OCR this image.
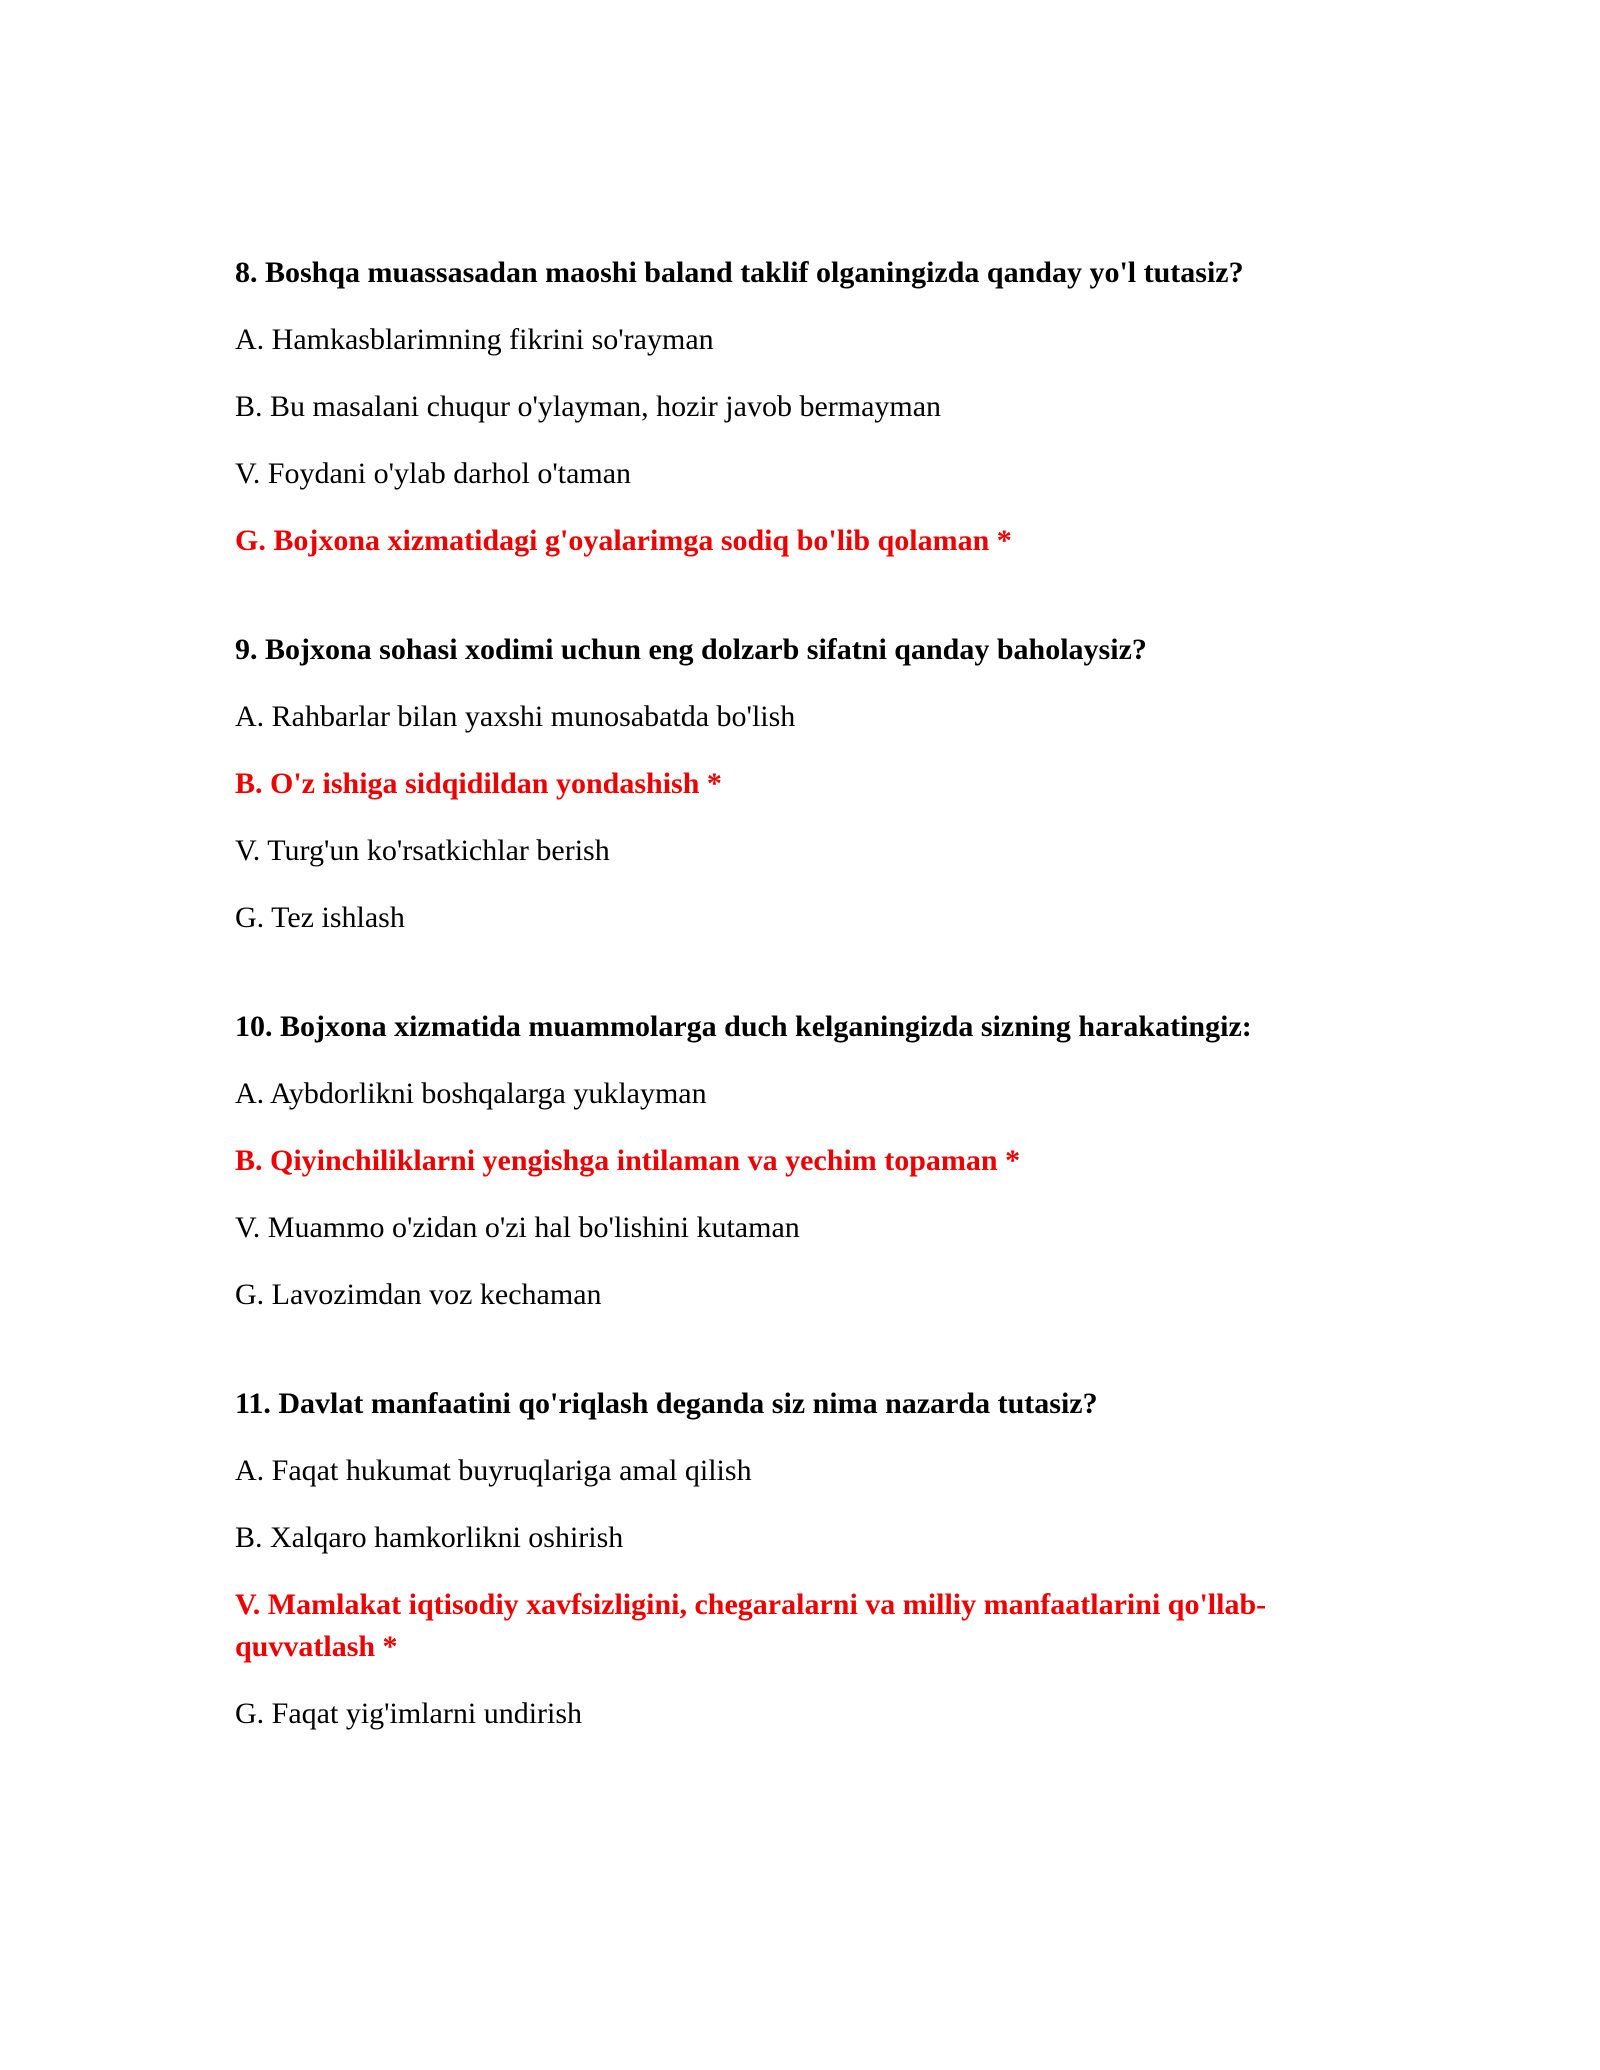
8. Boshqa muassasadan maoshi baland taklif olganingizda qanday yo'l tutasiz?

A. Hamkasblarimning fikrini so'rayman

B. Bu masalani chuqur o'ylayman, hozir javob bermayman

V. Foydani o'ylab darhol o'taman

G. Bojxona xizmatidagi g'oyalarimga sodiq bo'lib qolaman *

9. Bojxona sohasi xodimi uchun eng dolzarb sifatni qanday baholaysiz?

A. Rahbarlar bilan yaxshi munosabatda bo'lish

B. O'z ishiga sidqidildan yondashish *

V. Turg'un ko'rsatkichlar berish

G. Tez ishlash

10. Bojxona xizmatida muammolarga duch kelganingizda sizning harakatingiz:

A. Aybdorlikni boshqalarga yuklayman

B. Qiyinchiliklarni yengishga intilaman va yechim topaman *

V. Muammo o'zidan o'zi hal bo'lishini kutaman

G. Lavozimdan voz kechaman

11. Davlat manfaatini qo'riqlash deganda siz nima nazarda tutasiz?

A. Faqat hukumat buyruqlariga amal qilish

B. Xalqaro hamkorlikni oshirish

V. Mamlakat iqtisodiy xavfsizligini, chegaralarni va milliy manfaatlarini qo'llab-quvvatlash *

G. Faqat yig'imlarni undirish
